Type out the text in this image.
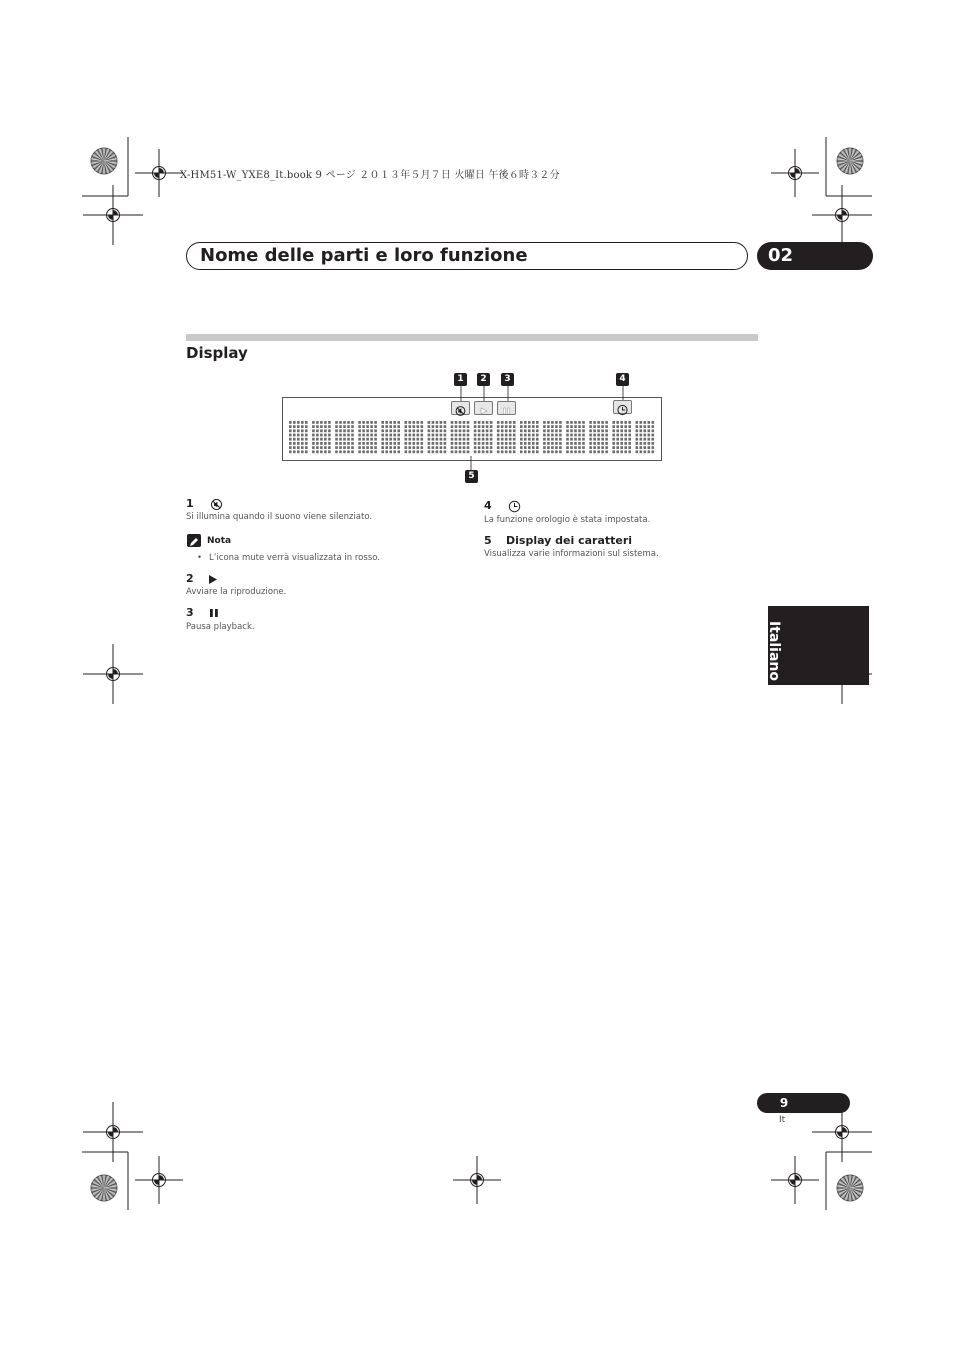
X-HM51-W_YXE8_It.book 9 ページ ２０１３年５月７日 火曜日 午後６時３２分
Nome delle parti e loro funzione	02
Display
1	2	3	4
5
1
Si illumina quando il suono viene silenziato.
Nota
• L’icona mute verrà visualizzata in rosso.
2
Avviare la riproduzione.
3
Pausa playback.
4
La funzione orologio è stata impostata.
5 Display dei caratteri
Visualizza varie informazioni sul sistema.
Italiano
9
It
